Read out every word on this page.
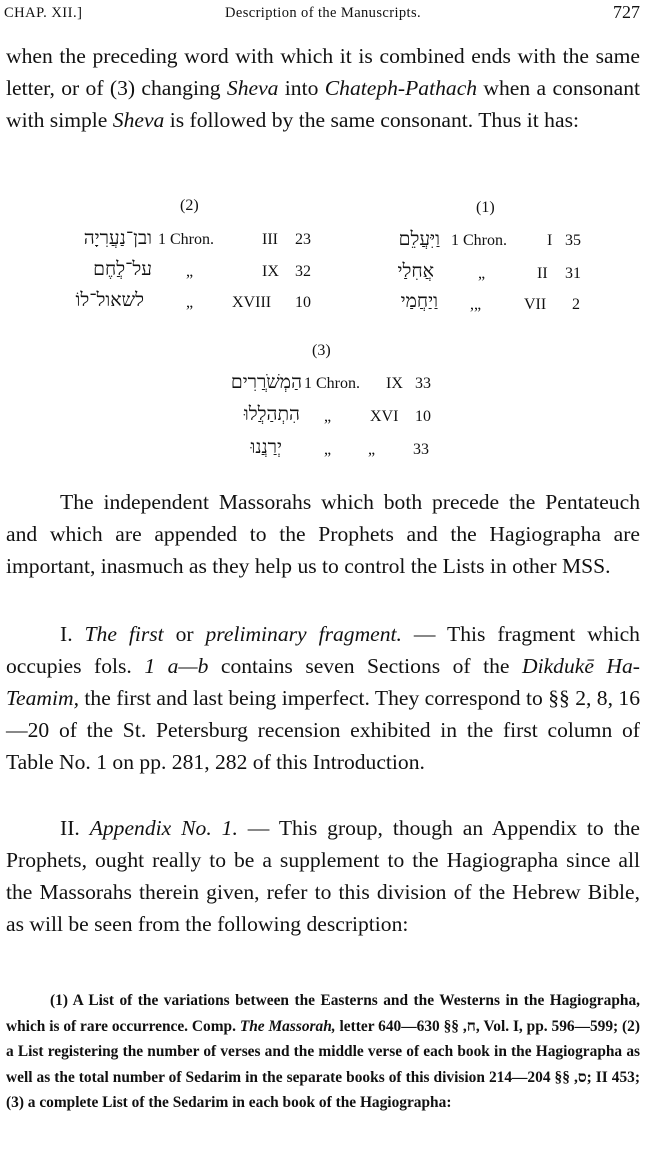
CHAP. XII.]	Description of the Manuscripts.	727
when the preceding word with which it is combined ends with the same letter, or of (3) changing Sheva into Chateph-Pathach when a consonant with simple Sheva is followed by the same consonant. Thus it has:
(2)	(1)
(3)
ובן־נַעֲרִיָה 1 Chron.	III 23
על־לֲחֶם „	IX 32
לשאול־לוֹ	„ XVIII 10
וַיִּעֲלֵם 1 Chron.	I 35
אֲחִלַי	„	II 31
וַיַחֲמַי ,„	VII 2
הַמְשֹׁרֲרִים 1 Chron. IX 33
הִתְהַלֲלוּ „ XVI 10
יְרַנֲנוּ	„ „ 33
The independent Massorahs which both precede the Pentateuch and which are appended to the Prophets and the Hagiographa are important, inasmuch as they help us to control the Lists in other MSS.
I. The first or preliminary fragment. — This fragment which occupies fols. 1 a—b contains seven Sections of the Dikdukē Ha-Teamim, the first and last being imperfect. They correspond to §§ 2, 8, 16—20 of the St. Petersburg recension exhibited in the first column of Table No. 1 on pp. 281, 282 of this Introduction.
II. Appendix No. 1. — This group, though an Appendix to the Prophets, ought really to be a supplement to the Hagiographa since all the Massorahs therein given, refer to this division of the Hebrew Bible, as will be seen from the following description:
(1) A List of the variations between the Easterns and the Westerns in the Hagiographa, which is of rare occurrence. Comp. The Massorah, letter ח, §§ 630—640, Vol. I, pp. 596—599; (2) a List registering the number of verses and the middle verse of each book in the Hagiographa as well as the total number of Sedarim in the separate books of this division ס, §§ 204—214; II 453; (3) a complete List of the Sedarim in each book of the Hagiographa:
